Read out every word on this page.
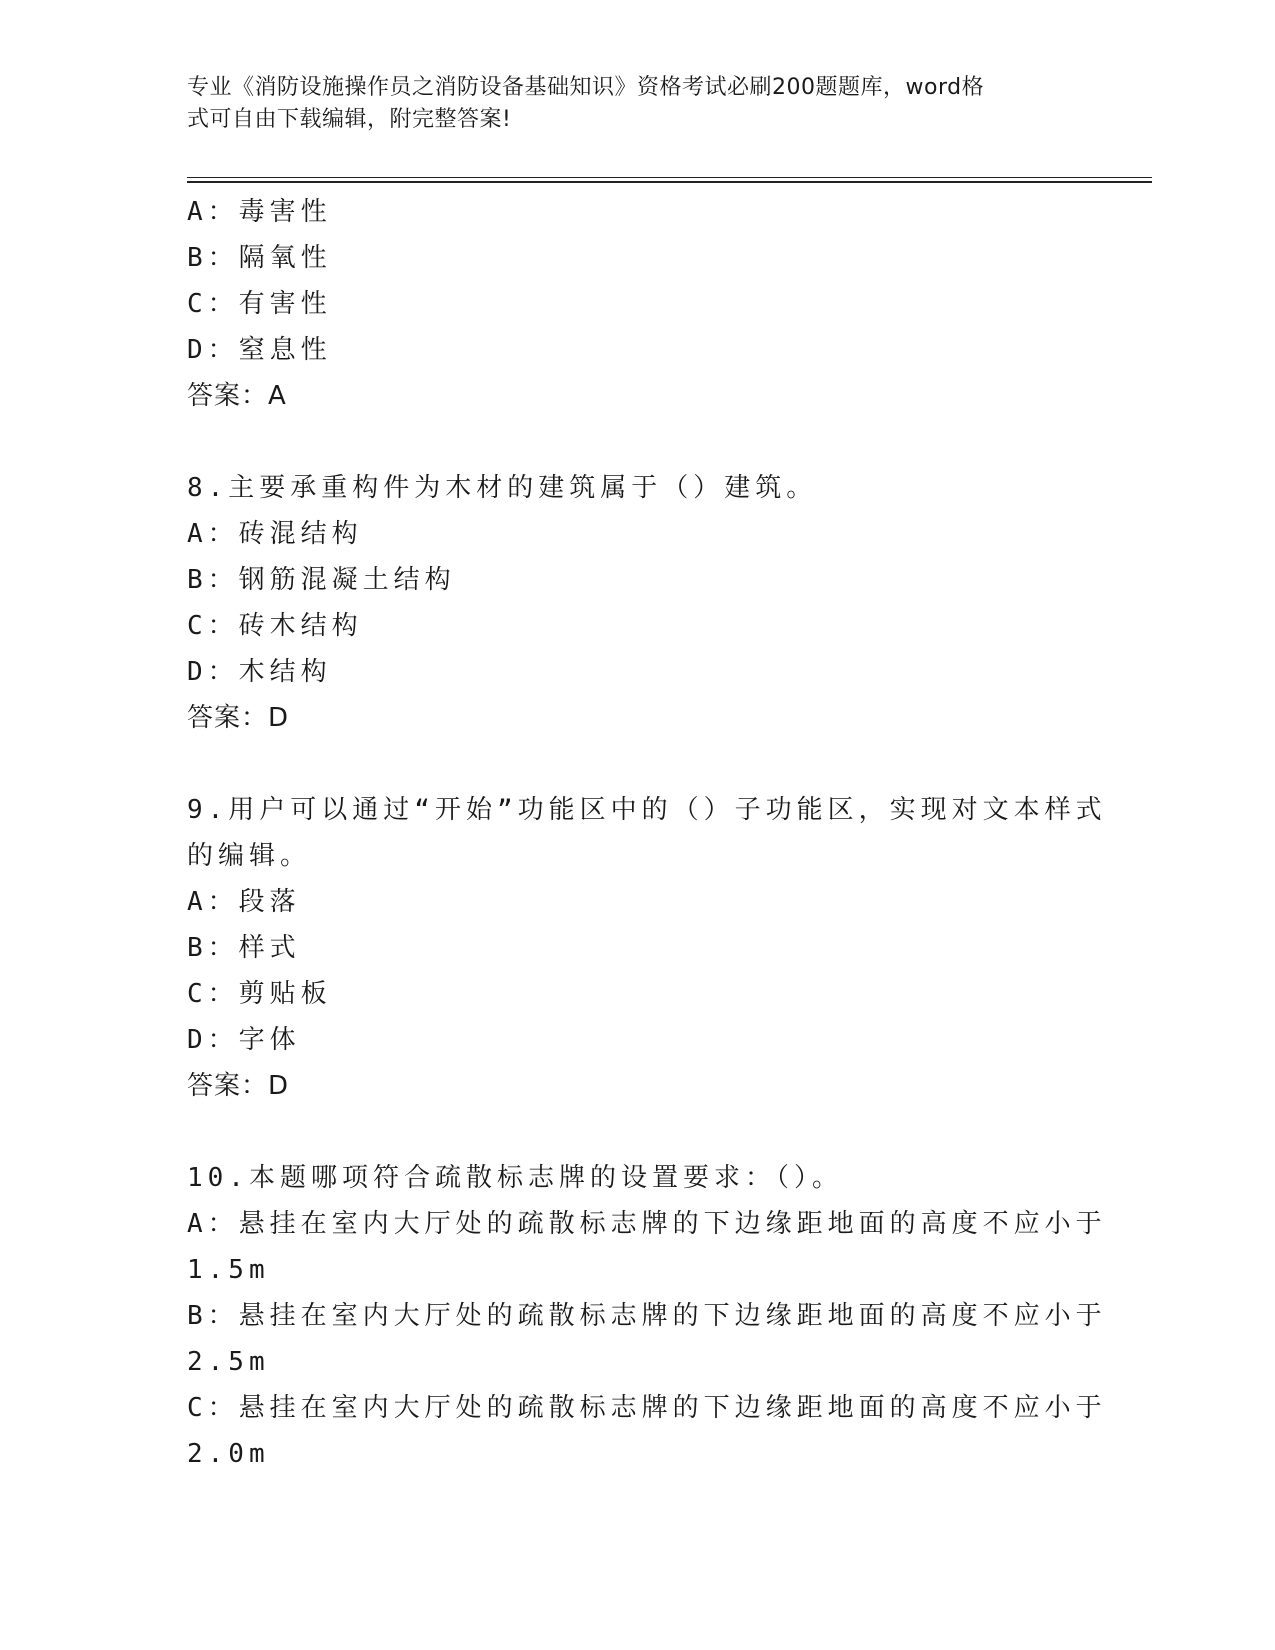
专业《消防设施操作员之消防设备基础知识》资格考试必刷200题题库，word格

式可自由下载编辑，附完整答案!

A：毒害性
B：隔氧性
C：有害性
D：窒息性
答案：A
8.主要承重构件为木材的建筑属于（）建筑。
A：砖混结构
B：钢筋混凝土结构
C：砖木结构
D：木结构
答案：D
9.用户可以通过“开始”功能区中的（）子功能区，实现对文本样式
的编辑。
A：段落
B：样式
C：剪贴板
D：字体
答案：D
10.本题哪项符合疏散标志牌的设置要求：（）。
A：悬挂在室内大厅处的疏散标志牌的下边缘距地面的高度不应小于
1.5m
B：悬挂在室内大厅处的疏散标志牌的下边缘距地面的高度不应小于
2.5m
C：悬挂在室内大厅处的疏散标志牌的下边缘距地面的高度不应小于
2.0m
